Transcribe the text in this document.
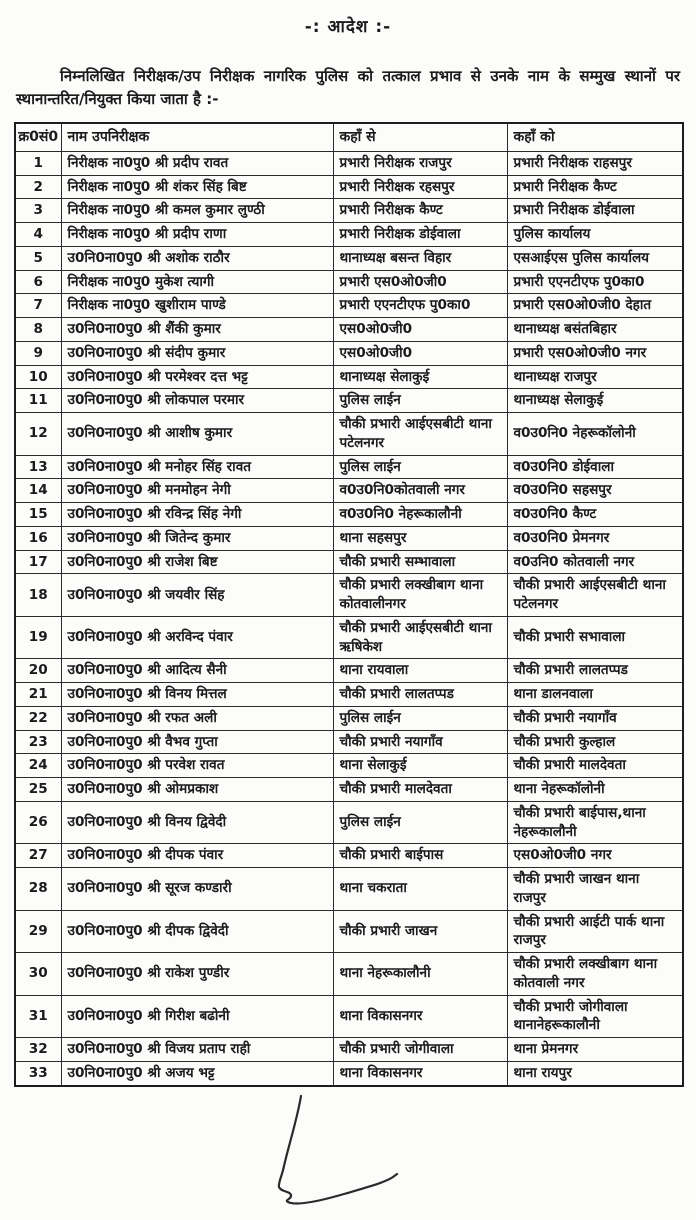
-: आदेश :-
निम्नलिखित निरीक्षक/उप निरीक्षक नागरिक पुलिस को तत्काल प्रभाव से उनके नाम के सम्मुख स्थानों पर स्थानान्तरित/नियुक्त किया जाता है :-
क्र0सं0	नाम उपनिरीक्षक	कहाँ से	कहाँ को
1	निरीक्षक ना0पु0 श्री प्रदीप रावत	प्रभारी निरीक्षक राजपुर	प्रभारी निरीक्षक राहसपुर
2	निरीक्षक ना0पु0 श्री शंकर सिंह बिष्ट	प्रभारी निरीक्षक रहसपुर	प्रभारी निरीक्षक कैण्ट
3	निरीक्षक ना0पु0 श्री कमल कुमार लुण्ठी	प्रभारी निरीक्षक कैण्ट	प्रभारी निरीक्षक डोईवाला
4	निरीक्षक ना0पु0 श्री प्रदीप राणा	प्रभारी निरीक्षक डोईवाला	पुलिस कार्यालय
5	उ0नि0ना0पु0 श्री अशोक राठौर	थानाध्यक्ष बसन्त विहार	एसआईएस पुलिस कार्यालय
6	निरीक्षक ना0पु0 मुकेश त्यागी	प्रभारी एस0ओ0जी0	प्रभारी एएनटीएफ पु0का0
7	निरीक्षक ना0पु0 खुशीराम पाण्डे	प्रभारी एएनटीएफ पु0का0	प्रभारी एस0ओ0जी0 देहात
8	उ0नि0ना0पु0 श्री शैंकी कुमार	एस0ओ0जी0	थानाध्यक्ष बसंतबिहार
9	उ0नि0ना0पु0 श्री संदीप कुमार	एस0ओ0जी0	प्रभारी एस0ओ0जी0 नगर
10	उ0नि0ना0पु0 श्री परमेश्वर दत्त भट्ट	थानाध्यक्ष सेलाकुई	थानाध्यक्ष राजपुर
11	उ0नि0ना0पु0 श्री लोकपाल परमार	पुलिस लाईन	थानाध्यक्ष सेलाकुई
12	उ0नि0ना0पु0 श्री आशीष कुमार	चौकी प्रभारी आईएसबीटी थाना पटेलनगर	व0उ0नि0 नेहरूकॉलोनी
13	उ0नि0ना0पु0 श्री मनोहर सिंह रावत	पुलिस लाईन	व0उ0नि0 डोईवाला
14	उ0नि0ना0पु0 श्री मनमोहन नेगी	व0उ0नि0कोतवाली नगर	व0उ0नि0 सहसपुर
15	उ0नि0ना0पु0 श्री रविन्द्र सिंह नेगी	व0उ0नि0 नेहरूकालौनी	व0उ0नि0 कैण्ट
16	उ0नि0ना0पु0 श्री जितेन्द कुमार	थाना सहसपुर	व0उ0नि0 प्रेमनगर
17	उ0नि0ना0पु0 श्री राजेश बिष्ट	चौकी प्रभारी सम्भावाला	व0उनि0 कोतवाली नगर
18	उ0नि0ना0पु0 श्री जयवीर सिंह	चौकी प्रभारी लक्खीबाग थाना कोतवालीनगर	चौकी प्रभारी आईएसबीटी थाना पटेलनगर
19	उ0नि0ना0पु0 श्री अरविन्द पंवार	चौकी प्रभारी आईएसबीटी थाना ऋषिकेश	चौकी प्रभारी सभावाला
20	उ0नि0ना0पु0 श्री आदित्य सैनी	थाना रायवाला	चौकी प्रभारी लालतप्पड
21	उ0नि0ना0पु0 श्री विनय मित्तल	चौकी प्रभारी लालतप्पड	थाना डालनवाला
22	उ0नि0ना0पु0 श्री रफत अली	पुलिस लाईन	चौकी प्रभारी नयागाँव
23	उ0नि0ना0पु0 श्री वैभव गुप्ता	चौकी प्रभारी नयागाँव	चौकी प्रभारी कुल्हाल
24	उ0नि0ना0पु0 श्री परवेश रावत	थाना सेलाकुई	चौकी प्रभारी मालदेवता
25	उ0नि0ना0पु0 श्री ओमप्रकाश	चौकी प्रभारी मालदेवता	थाना नेहरूकॉलोनी
26	उ0नि0ना0पु0 श्री विनय द्विवेदी	पुलिस लाईन	चौकी प्रभारी बाईपास,थाना नेहरूकालौनी
27	उ0नि0ना0पु0 श्री दीपक पंवार	चौकी प्रभारी बाईपास	एस0ओ0जी0 नगर
28	उ0नि0ना0पु0 श्री सूरज कण्डारी	थाना चकराता	चौकी प्रभारी जाखन थाना राजपुर
29	उ0नि0ना0पु0 श्री दीपक द्विवेदी	चौकी प्रभारी जाखन	चौकी प्रभारी आईटी पार्क थाना राजपुर
30	उ0नि0ना0पु0 श्री राकेश पुण्डीर	थाना नेहरूकालौनी	चौकी प्रभारी लक्खीबाग थाना कोतवाली नगर
31	उ0नि0ना0पु0 श्री गिरीश बढोनी	थाना विकासनगर	चौकी प्रभारी जोगीवाला थानानेहरूकालौनी
32	उ0नि0ना0पु0 श्री विजय प्रताप राही	चौकी प्रभारी जोगीवाला	थाना प्रेमनगर
33	उ0नि0ना0पु0 श्री अजय भट्ट	थाना विकासनगर	थाना रायपुर
